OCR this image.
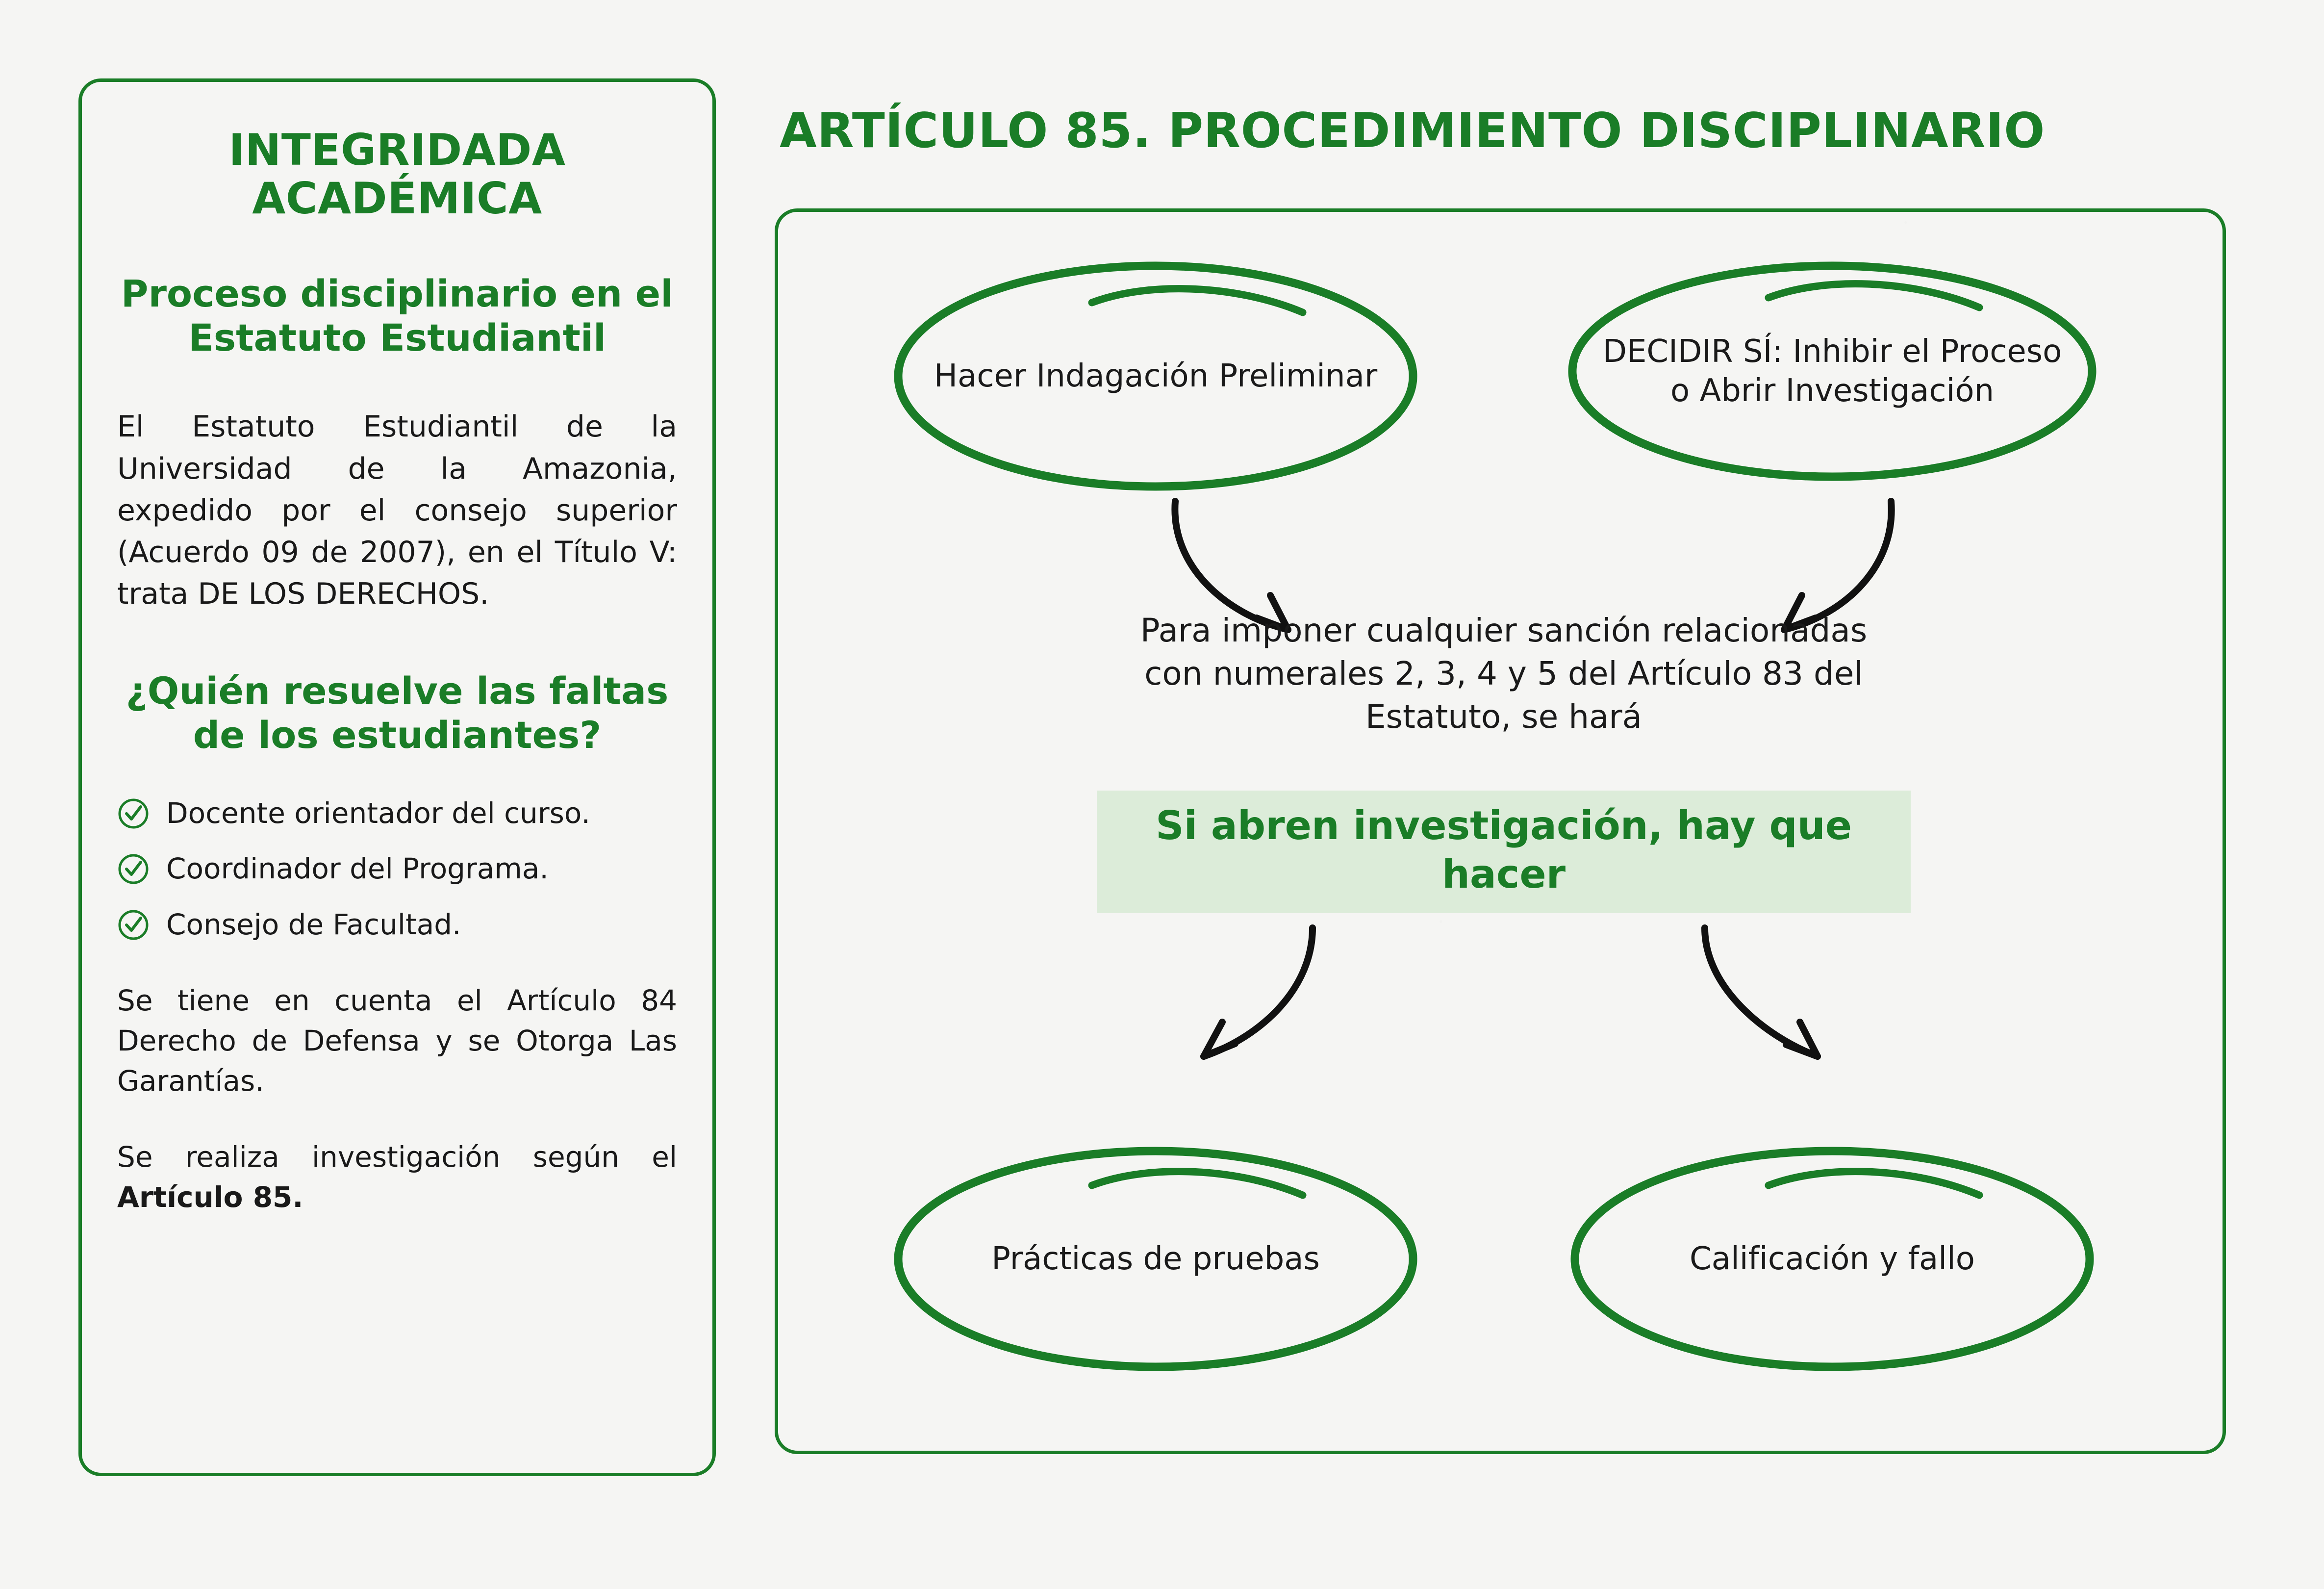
INTEGRIDADA
ACADÉMICA
Proceso disciplinario en el Estatuto Estudiantil
El Estatuto Estudiantil de la Universidad de la Amazonia, expedido por el consejo superior (Acuerdo 09 de 2007), en el Título V: trata DE LOS DERECHOS.
¿Quién resuelve las faltas de los estudiantes?
Docente orientador del curso.
Coordinador del Programa.
Consejo de Facultad.
Se tiene en cuenta el Artículo 84 Derecho de Defensa y se Otorga Las Garantías.
Se realiza investigación según el Artículo 85.
ARTÍCULO 85. PROCEDIMIENTO DISCIPLINARIO
Hacer Indagación Preliminar
DECIDIR SÍ: Inhibir el Proceso o Abrir Investigación
Para imponer cualquier sanción relacionadas con numerales 2, 3, 4 y 5 del Artículo 83 del Estatuto, se hará
Si abren investigación, hay que hacer
Prácticas de pruebas	Calificación y fallo
